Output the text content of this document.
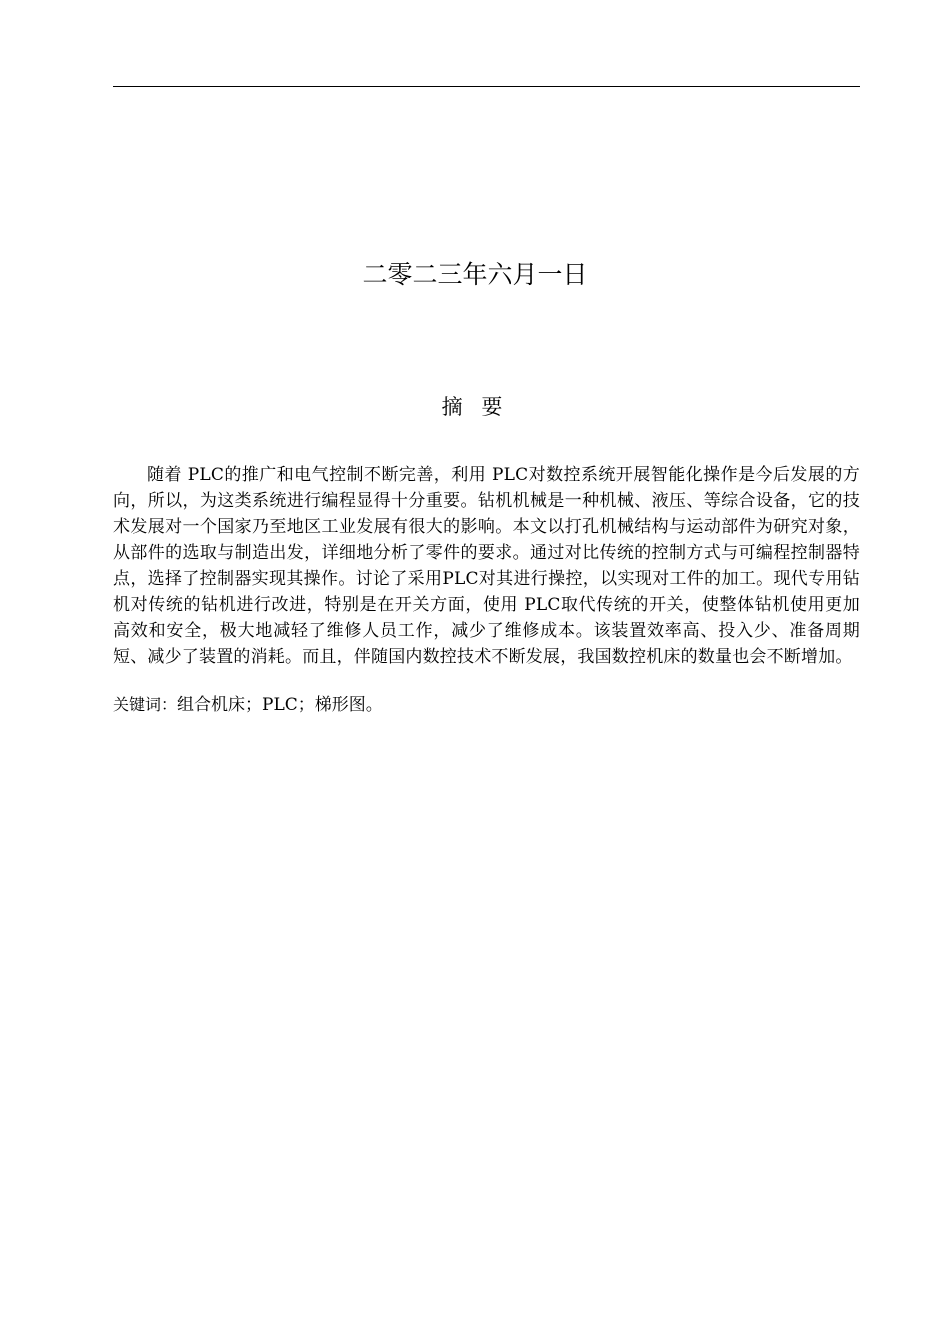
二零二三年六月一日
摘 要
随着 PLC的推广和电气控制不断完善，利用 PLC对数控系统开展智能化操作是今后发展的方向，所以，为这类系统进行编程显得十分重要。钻机机械是一种机械、液压、等综合设备，它的技术发展对一个国家乃至地区工业发展有很大的影响。本文以打孔机械结构与运动部件为研究对象，从部件的选取与制造出发，详细地分析了零件的要求。通过对比传统的控制方式与可编程控制器特点，选择了控制器实现其操作。讨论了采用PLC对其进行操控，以实现对工件的加工。现代专用钻机对传统的钻机进行改进，特别是在开关方面，使用 PLC取代传统的开关，使整体钻机使用更加高效和安全，极大地减轻了维修人员工作，减少了维修成本。该装置效率高、投入少、准备周期短、减少了装置的消耗。而且，伴随国内数控技术不断发展，我国数控机床的数量也会不断增加。
关键词：组合机床；PLC；梯形图。
